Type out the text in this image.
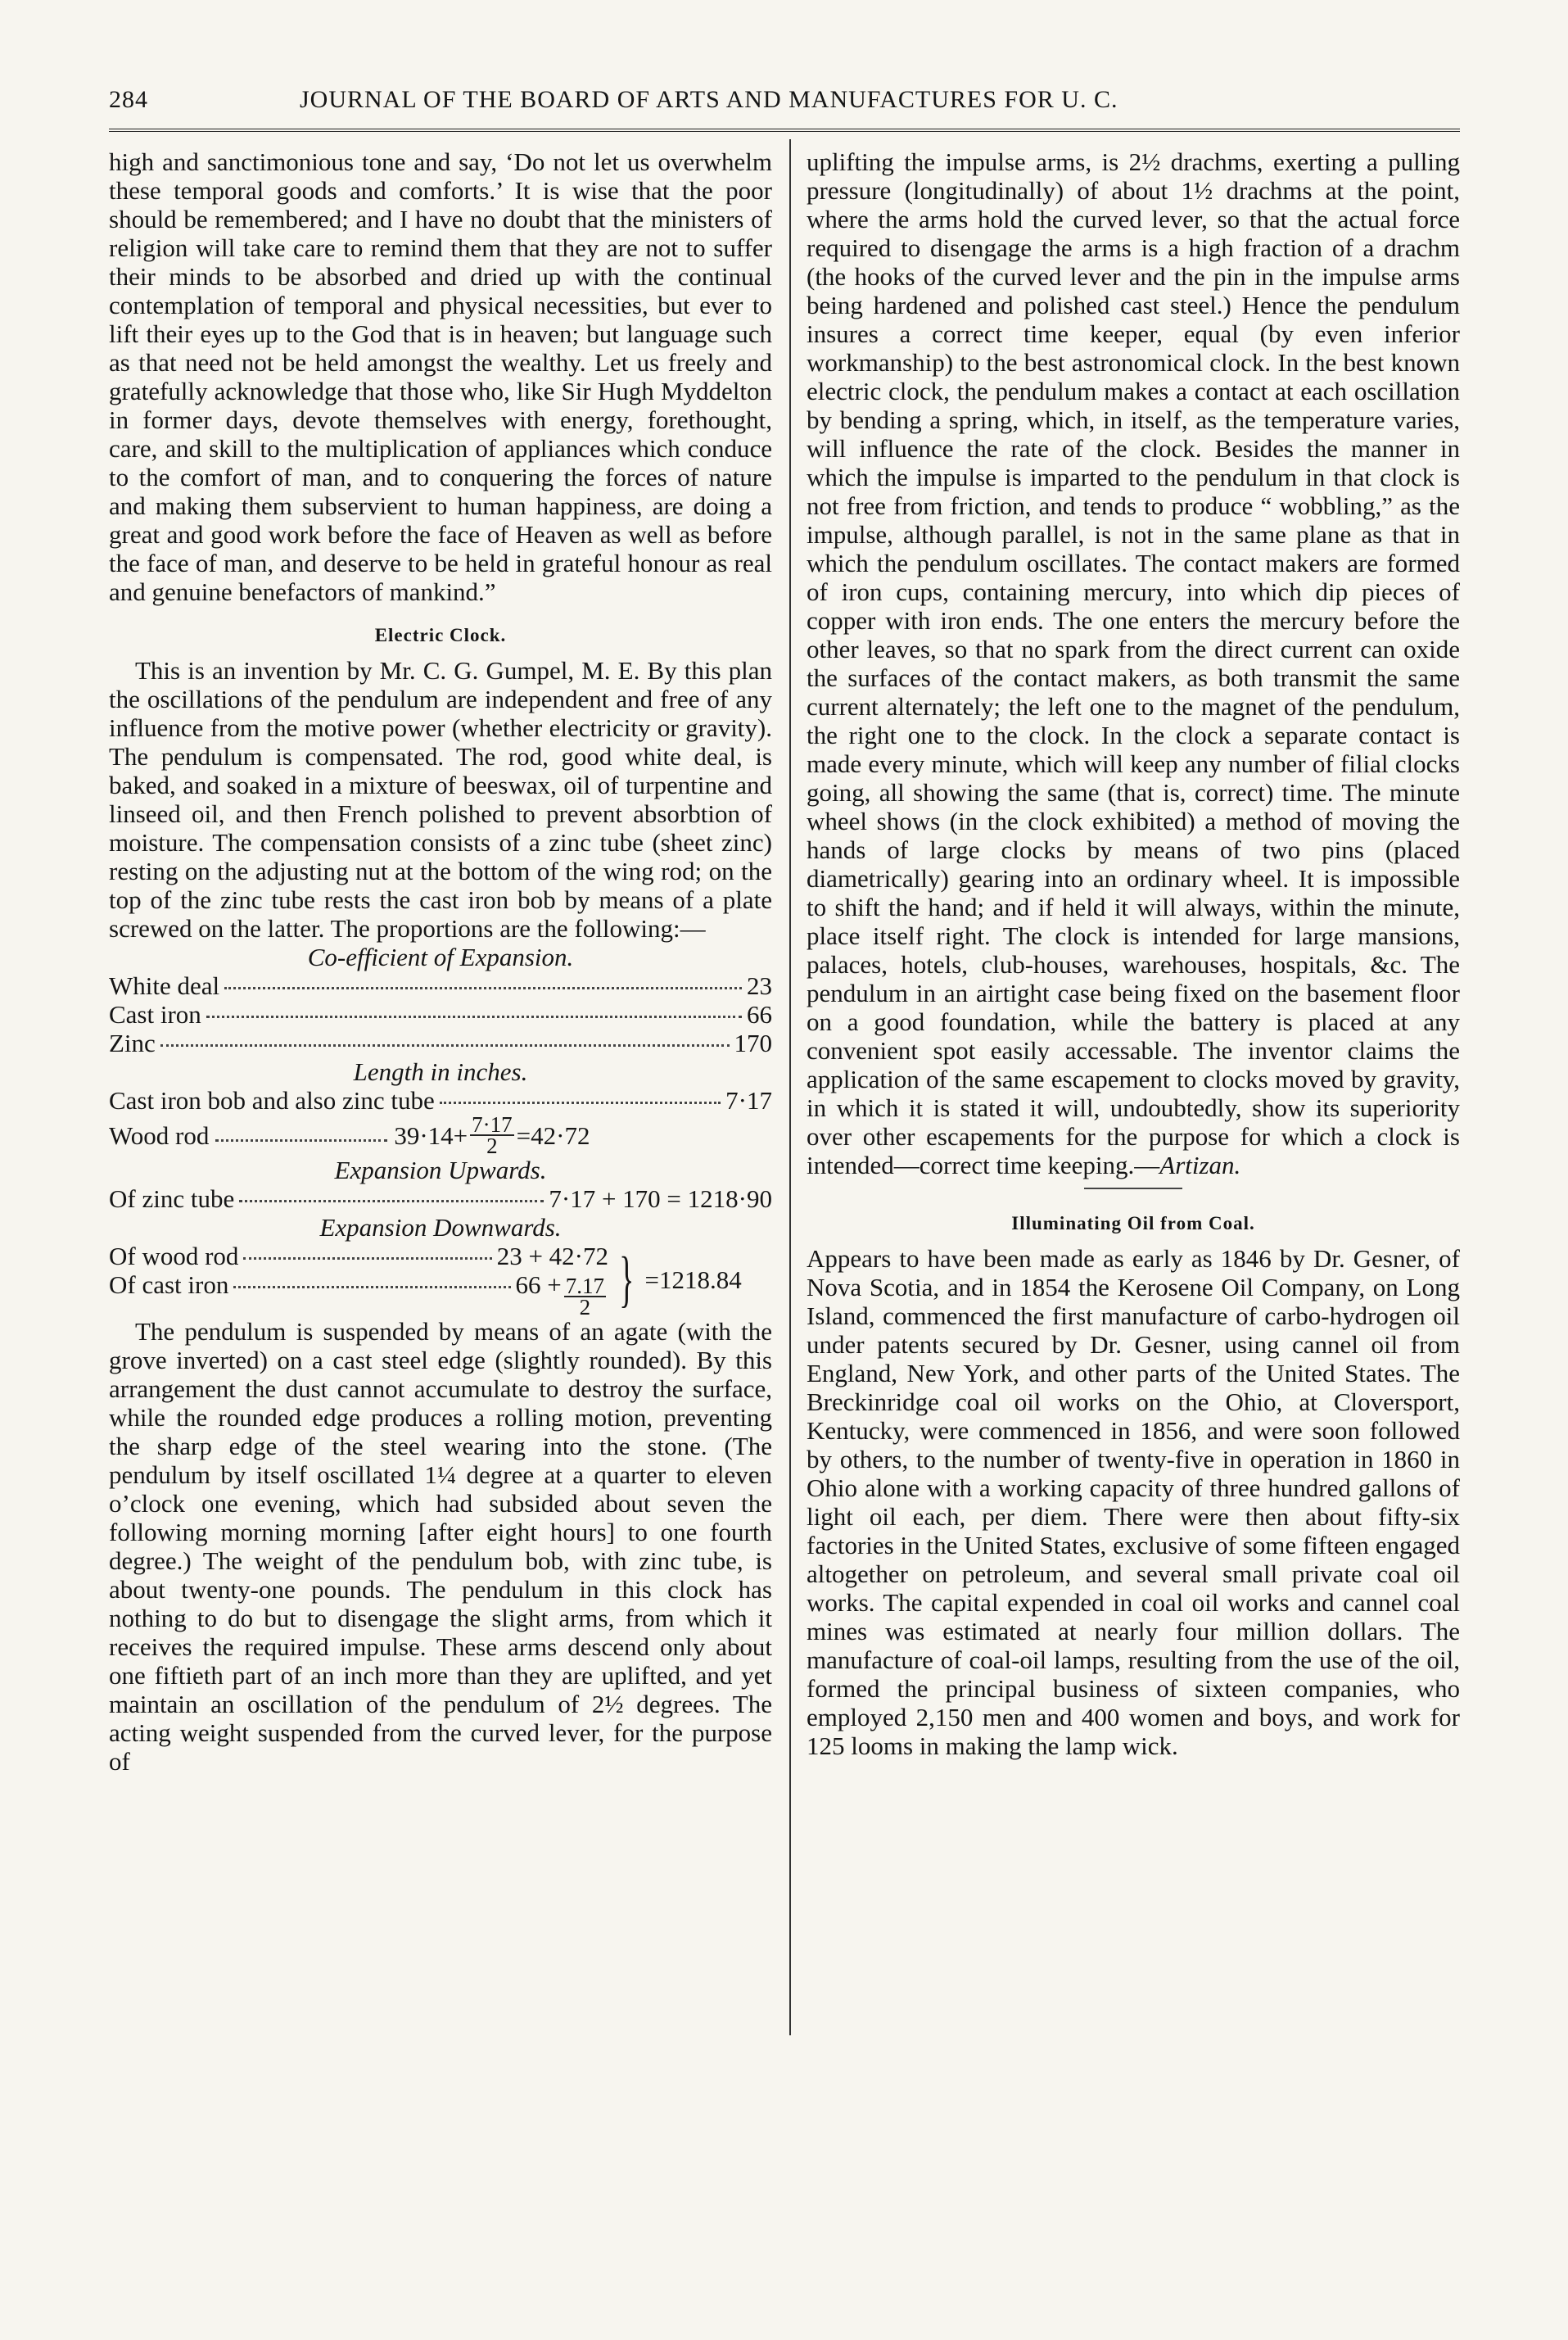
284	JOURNAL OF THE BOARD OF ARTS AND MANUFACTURES FOR U. C.

high and sanctimonious tone and say, ‘Do not let us overwhelm these temporal goods and comforts.’ It is wise that the poor should be remembered; and I have no doubt that the ministers of religion will take care to remind them that they are not to suffer their minds to be absorbed and dried up with the continual contemplation of temporal and physical necessities, but ever to lift their eyes up to the God that is in heaven; but language such as that need not be held amongst the wealthy. Let us freely and gratefully acknowledge that those who, like Sir Hugh Myddelton in former days, devote themselves with energy, forethought, care, and skill to the multiplication of appliances which conduce to the comfort of man, and to conquering the forces of nature and making them subservient to human happiness, are doing a great and good work before the face of Heaven as well as before the face of man, and deserve to be held in grateful honour as real and genuine benefactors of mankind.”

Electric Clock.

This is an invention by Mr. C. G. Gumpel, M. E. By this plan the oscillations of the pendulum are independent and free of any influence from the motive power (whether electricity or gravity). The pendulum is compensated. The rod, good white deal, is baked, and soaked in a mixture of beeswax, oil of turpentine and linseed oil, and then French polished to prevent absorbtion of moisture. The compensation consists of a zinc tube (sheet zinc) resting on the adjusting nut at the bottom of the wing rod; on the top of the zinc tube rests the cast iron bob by means of a plate screwed on the latter. The proportions are the following:—

Co-efficient of Expansion.

White deal	23
Cast iron	66
Zinc	170

Length in inches.

Cast iron bob and also zinc tube	7·17
Wood rod	$39\cdot 14+ \frac{7\cdot 17}{2} =42\cdot 72$

Expansion Upwards.

Of zinc tube	7·17 + 170 = 1218·90

Expansion Downwards.

Of wood rod	23 + 42·72
Of cast iron	$66 + \frac{7.17}{2}$ } =1218.84

The pendulum is suspended by means of an agate (with the grove inverted) on a cast steel edge (slightly rounded). By this arrangement the dust cannot accumulate to destroy the surface, while the rounded edge produces a rolling motion, preventing the sharp edge of the steel wearing into the stone. (The pendulum by itself oscillated 1¼ degree at a quarter to eleven o’clock one evening, which had subsided about seven the following morning morning [after eight hours] to one fourth degree.) The weight of the pendulum bob, with zinc tube, is about twenty-one pounds. The pendulum in this clock has nothing to do but to disengage the slight arms, from which it receives the required impulse. These arms descend only about one fiftieth part of an inch more than they are uplifted, and yet maintain an oscillation of the pendulum of 2½ degrees. The acting weight suspended from the curved lever, for the purpose of

uplifting the impulse arms, is 2½ drachms, exerting a pulling pressure (longitudinally) of about 1½ drachms at the point, where the arms hold the curved lever, so that the actual force required to disengage the arms is a high fraction of a drachm (the hooks of the curved lever and the pin in the impulse arms being hardened and polished cast steel.) Hence the pendulum insures a correct time keeper, equal (by even inferior workmanship) to the best astronomical clock. In the best known electric clock, the pendulum makes a contact at each oscillation by bending a spring, which, in itself, as the temperature varies, will influence the rate of the clock. Besides the manner in which the impulse is imparted to the pendulum in that clock is not free from friction, and tends to produce “ wobbling,” as the impulse, although parallel, is not in the same plane as that in which the pendulum oscillates. The contact makers are formed of iron cups, containing mercury, into which dip pieces of copper with iron ends. The one enters the mercury before the other leaves, so that no spark from the direct current can oxide the surfaces of the contact makers, as both transmit the same current alternately; the left one to the magnet of the pendulum, the right one to the clock. In the clock a separate contact is made every minute, which will keep any number of filial clocks going, all showing the same (that is, correct) time. The minute wheel shows (in the clock exhibited) a method of moving the hands of large clocks by means of two pins (placed diametrically) gearing into an ordinary wheel. It is impossible to shift the hand; and if held it will always, within the minute, place itself right. The clock is intended for large mansions, palaces, hotels, club-houses, warehouses, hospitals, &c. The pendulum in an airtight case being fixed on the basement floor on a good foundation, while the battery is placed at any convenient spot easily accessable. The inventor claims the application of the same escapement to clocks moved by gravity, in which it is stated it will, undoubtedly, show its superiority over other escapements for the purpose for which a clock is intended—correct time keeping.—Artizan.

Illuminating Oil from Coal.

Appears to have been made as early as 1846 by Dr. Gesner, of Nova Scotia, and in 1854 the Kerosene Oil Company, on Long Island, commenced the first manufacture of carbo-hydrogen oil under patents secured by Dr. Gesner, using cannel oil from England, New York, and other parts of the United States. The Breckinridge coal oil works on the Ohio, at Cloversport, Kentucky, were commenced in 1856, and were soon followed by others, to the number of twenty-five in operation in 1860 in Ohio alone with a working capacity of three hundred gallons of light oil each, per diem. There were then about fifty-six factories in the United States, exclusive of some fifteen engaged altogether on petroleum, and several small private coal oil works. The capital expended in coal oil works and cannel coal mines was estimated at nearly four million dollars. The manufacture of coal-oil lamps, resulting from the use of the oil, formed the principal business of sixteen companies, who employed 2,150 men and 400 women and boys, and work for 125 looms in making the lamp wick.
